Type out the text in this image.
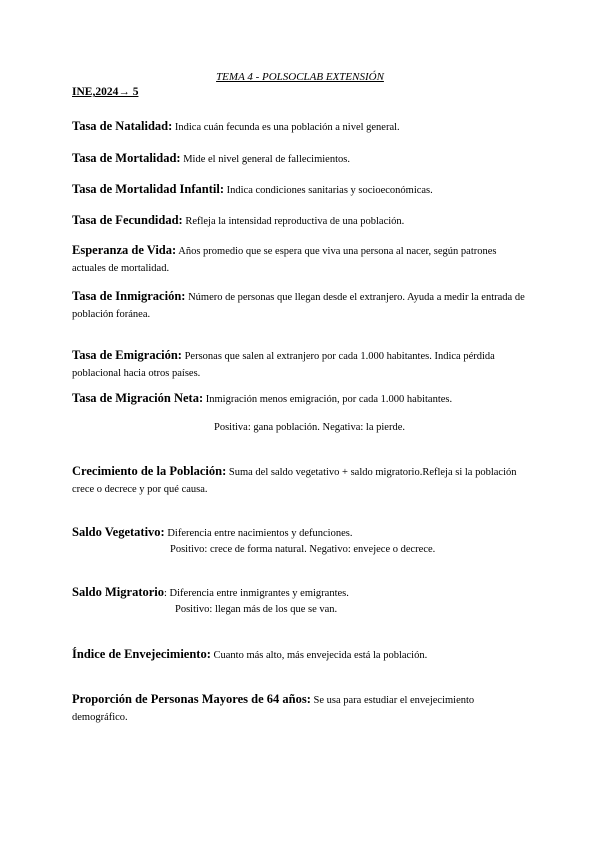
TEMA 4 - POLSOCLAB EXTENSIÓN
INE,2024→ 5
Tasa de Natalidad: Indica cuán fecunda es una población a nivel general.
Tasa de Mortalidad: Mide el nivel general de fallecimientos.
Tasa de Mortalidad Infantil: Indica condiciones sanitarias y socioeconómicas.
Tasa de Fecundidad: Refleja la intensidad reproductiva de una población.
Esperanza de Vida: Años promedio que se espera que viva una persona al nacer, según patrones actuales de mortalidad.
Tasa de Inmigración: Número de personas que llegan desde el extranjero. Ayuda a medir la entrada de población foránea.
Tasa de Emigración: Personas que salen al extranjero por cada 1.000 habitantes. Indica pérdida poblacional hacia otros países.
Tasa de Migración Neta: Inmigración menos emigración, por cada 1.000 habitantes.
Positiva: gana población. Negativa: la pierde.
Crecimiento de la Población: Suma del saldo vegetativo + saldo migratorio.Refleja si la población crece o decrece y por qué causa.
Saldo Vegetativo: Diferencia entre nacimientos y defunciones.
Positivo: crece de forma natural. Negativo: envejece o decrece.
Saldo Migratorio: Diferencia entre inmigrantes y emigrantes.
Positivo: llegan más de los que se van.
Índice de Envejecimiento: Cuanto más alto, más envejecida está la población.
Proporción de Personas Mayores de 64 años: Se usa para estudiar el envejecimiento demográfico.
